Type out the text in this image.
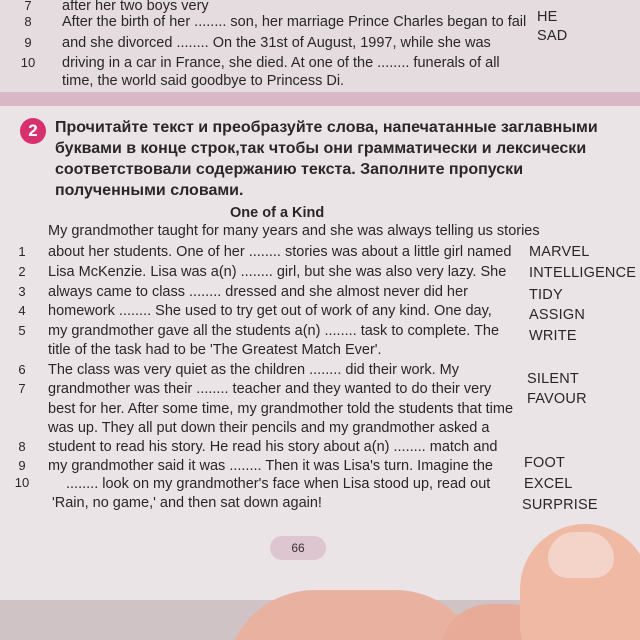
7	after her two boys very
8	After the birth of her ........ son, her marriage Prince Charles began to fail HE
9	and she divorced ........ On the 31st of August, 1997, while she was	SAD
10 driving in a car in France, she died. At one of the ........ funerals of all
time, the world said goodbye to Princess Di.
2	Прочитайте текст и преобразуйте слова, напечатанные заглавными
буквами в конце строк,так чтобы они грамматически и лексически
соответствовали содержанию текста. Заполните пропуски
полученными словами.
One of a Kind
My grandmother taught for many years and she was always telling us stories
1	about her students. One of her ........ stories was about a little girl named MARVEL
2	Lisa McKenzie. Lisa was a(n) ........ girl, but she was also very lazy. She INTELLIGENCE
3	always came to class ........ dressed and she almost never did her	TIDY
4	homework ........ She used to try get out of work of any kind. One day,	ASSIGN
5	my grandmother gave all the students a(n) ........ task to complete. The WRITE
title of the task had to be 'The Greatest Match Ever'.
6	The class was very quiet as the children ........ did their work. My
SILENT
7	grandmother was their ........ teacher and they wanted to do their very
FAVOUR
best for her. After some time, my grandmother told the students that time
was up. They all put down their pencils and my grandmother asked a
8	student to read his story. He read his story about a(n) ........ match and
9	my grandmother said it was ........ Then it was Lisa's turn. Imagine the FOOT
10	........ look on my grandmother's face when Lisa stood up, read out EXCEL
'Rain, no game,' and then sat down again!	SURPRISE
66
